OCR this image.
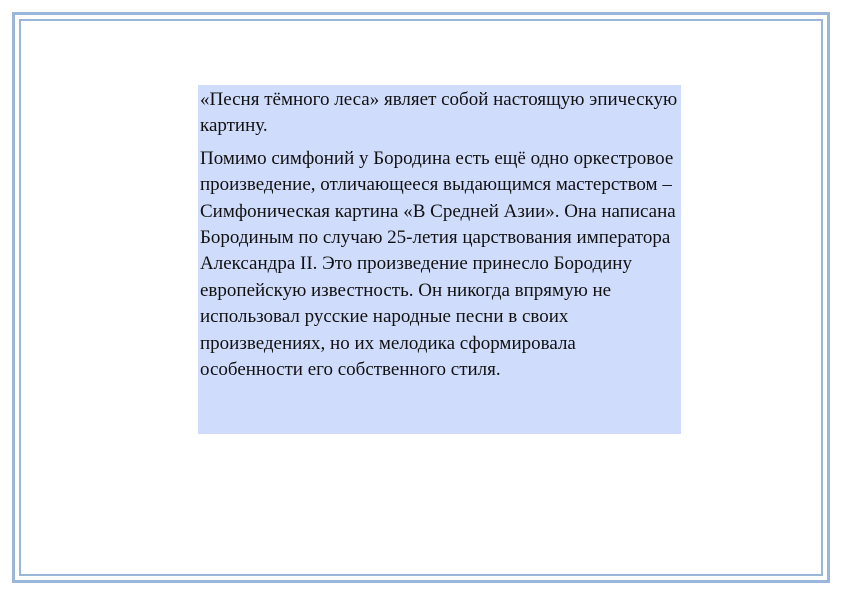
«Песня тёмного леса» являет собой настоящую эпическую картину.

Помимо симфоний у Бородина есть ещё одно оркестровое произведение, отличающееся выдающимся мастерством – Симфоническая картина «В Средней Азии». Она написана Бородиным по случаю 25-летия царствования императора Александра II. Это произведение принесло Бородину европейскую известность. Он никогда впрямую не использовал русские народные песни в своих произведениях, но их мелодика сформировала особенности его собственного стиля.
